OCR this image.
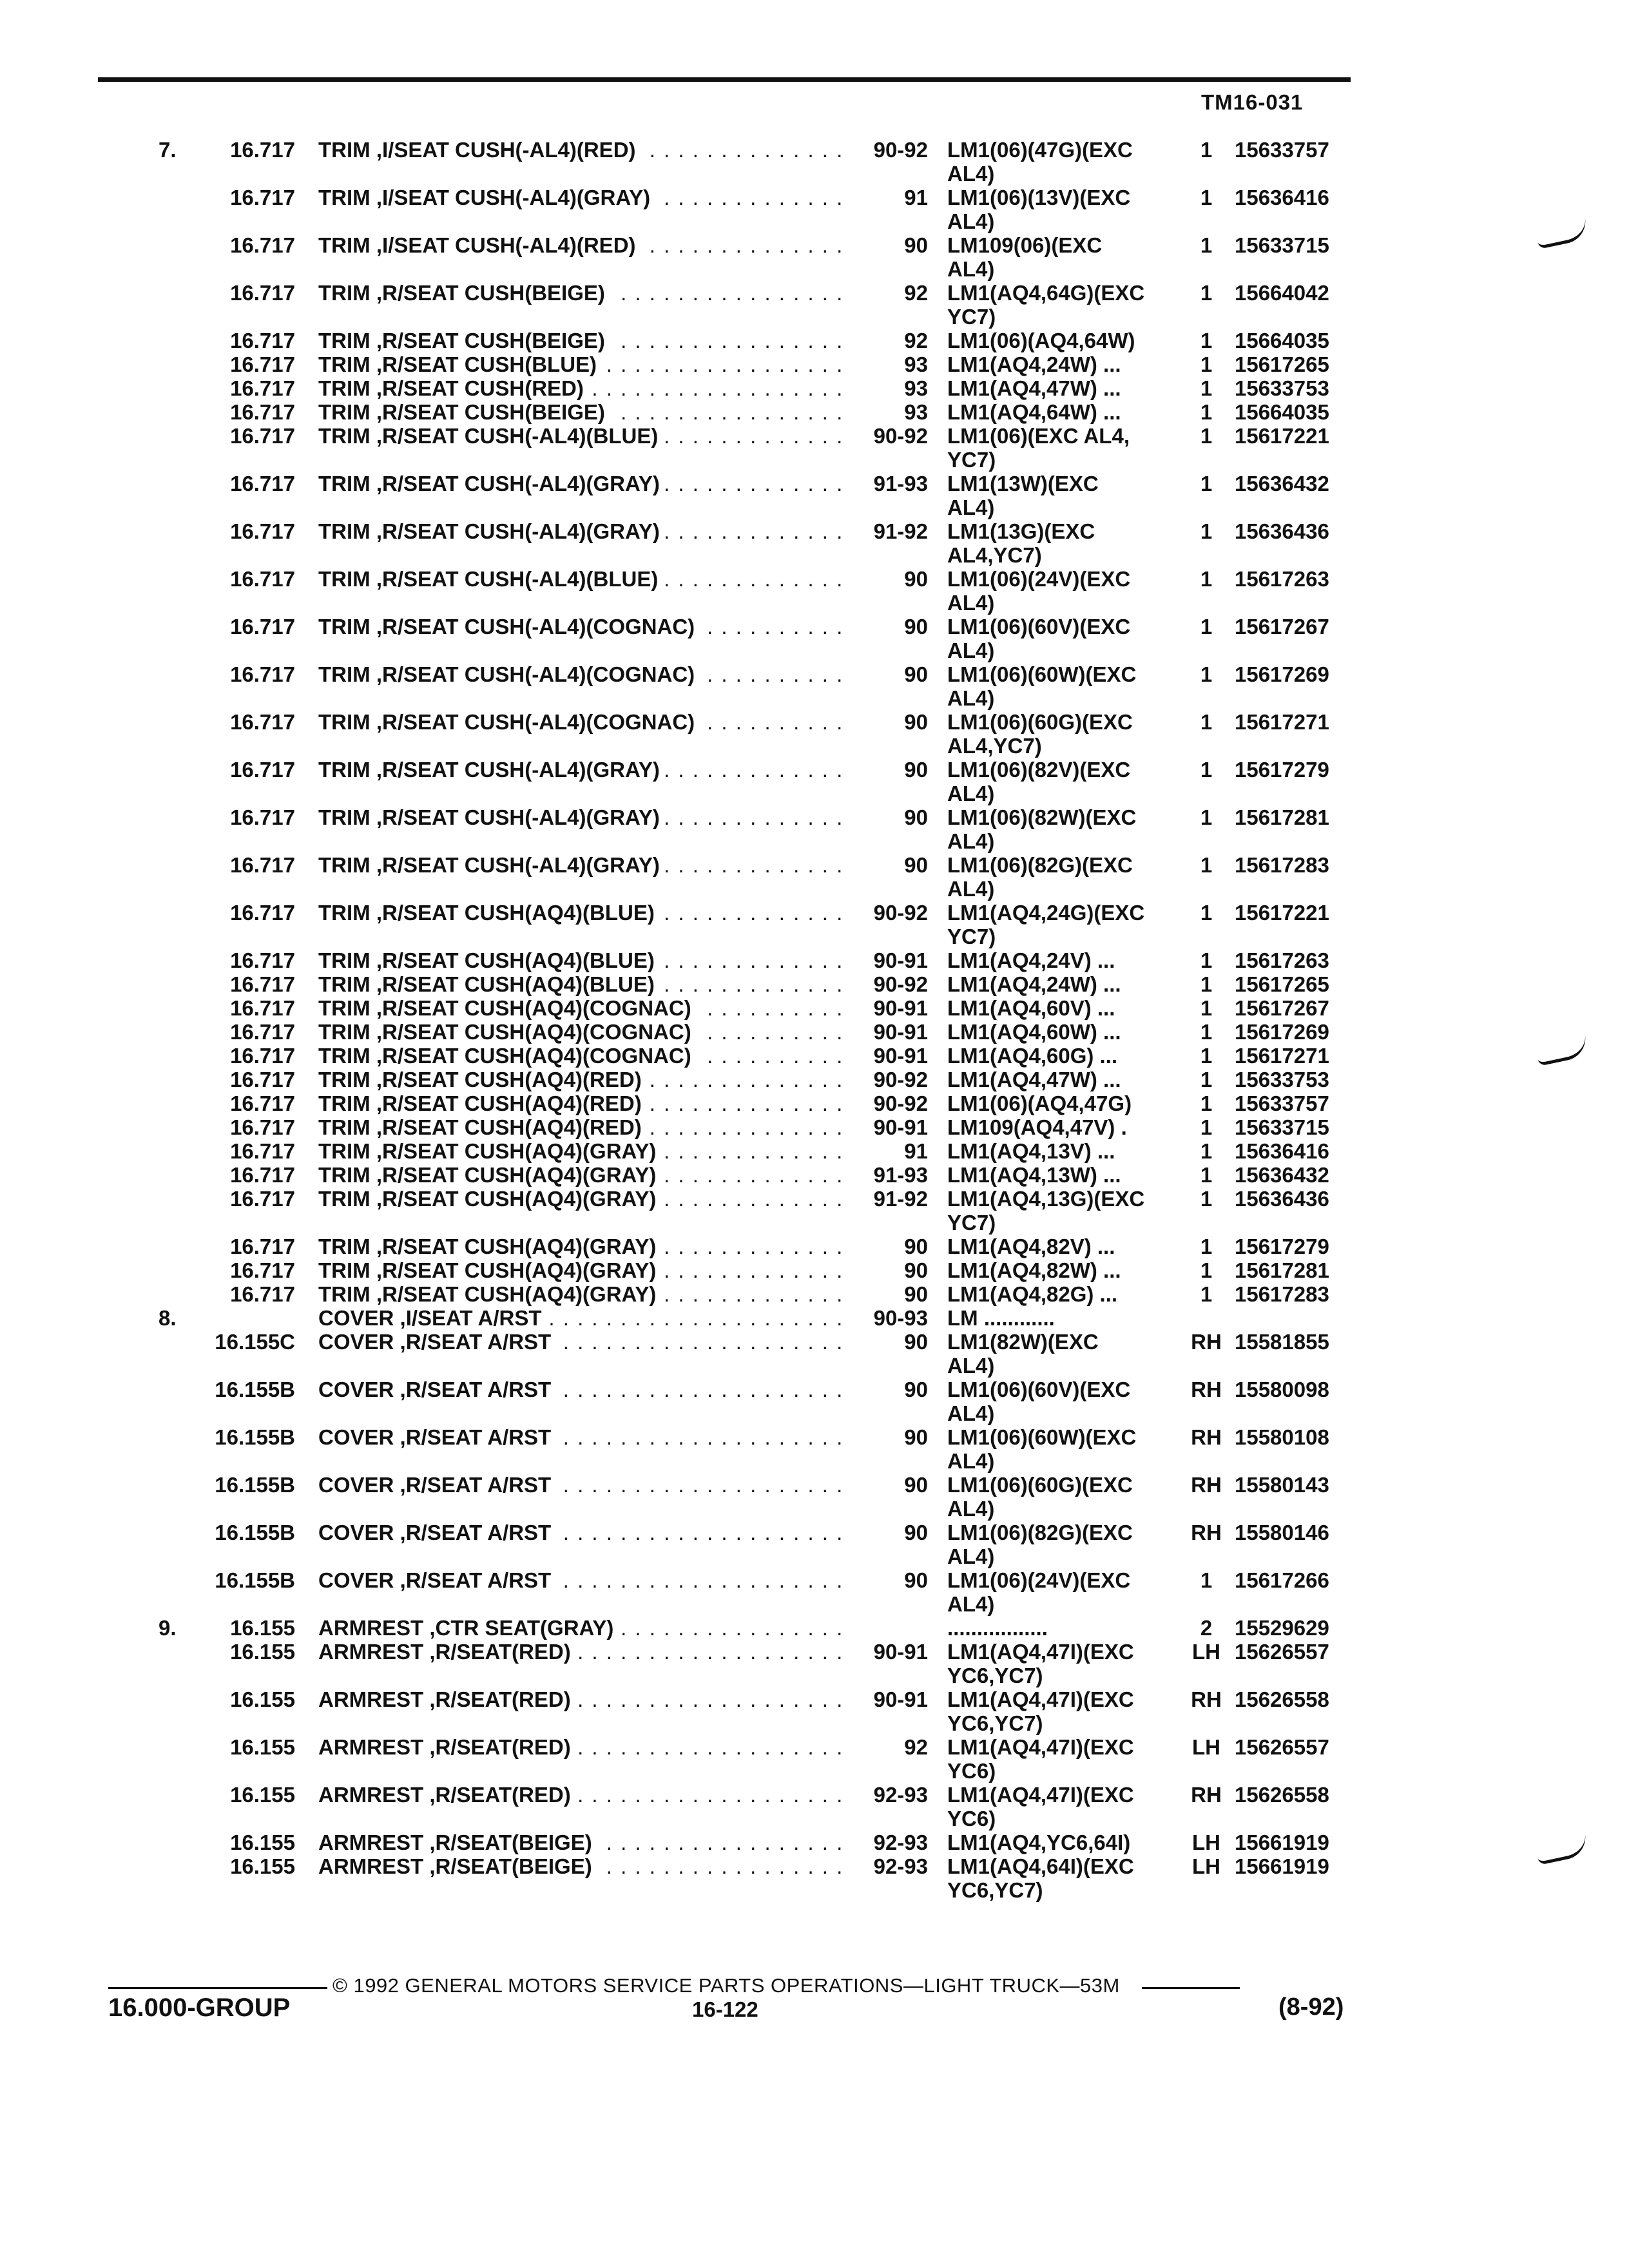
TM16-031
7.	16.717 TRIM ,I/SEAT CUSH(-AL4)(RED) . . .	90-92 LM1(06)(47G)(EXC
AL4)
1	15633757
16.717 TRIM ,I/SEAT CUSH(-AL4)(GRAY) . . .	91 LM1(06)(13V)(EXC
AL4)
1	15636416
16.717 TRIM ,I/SEAT CUSH(-AL4)(RED) . . .	90 LM109(06)(EXC
AL4)
1	15633715
16.717 TRIM ,R/SEAT CUSH(BEIGE) . . .	92 LM1(AQ4,64G)(EXC
YC7)
1	15664042
16.717 TRIM ,R/SEAT CUSH(BEIGE) . . .	92 LM1(06)(AQ4,64W)	1	15664035
16.717 TRIM ,R/SEAT CUSH(BLUE) . . .	93 LM1(AQ4,24W) ...	1	15617265
16.717 TRIM ,R/SEAT CUSH(RED) . . .	93 LM1(AQ4,47W) ...	1	15633753
16.717 TRIM ,R/SEAT CUSH(BEIGE) . . .	93 LM1(AQ4,64W) ...	1	15664035
16.717 TRIM ,R/SEAT CUSH(-AL4)(BLUE) . . .	90-92 LM1(06)(EXC AL4,
YC7)
1	15617221
16.717 TRIM ,R/SEAT CUSH(-AL4)(GRAY) . . .	91-93 LM1(13W)(EXC
AL4)
1	15636432
16.717 TRIM ,R/SEAT CUSH(-AL4)(GRAY) . . .	91-92 LM1(13G)(EXC
AL4,YC7)
1	15636436
16.717 TRIM ,R/SEAT CUSH(-AL4)(BLUE) . . .	90 LM1(06)(24V)(EXC
AL4)
1	15617263
16.717 TRIM ,R/SEAT CUSH(-AL4)(COGNAC) . . .	90 LM1(06)(60V)(EXC
AL4)
1	15617267
16.717 TRIM ,R/SEAT CUSH(-AL4)(COGNAC) . . .	90 LM1(06)(60W)(EXC
AL4)
1	15617269
16.717 TRIM ,R/SEAT CUSH(-AL4)(COGNAC) . . .	90 LM1(06)(60G)(EXC
AL4,YC7)
1	15617271
16.717 TRIM ,R/SEAT CUSH(-AL4)(GRAY) . . .	90 LM1(06)(82V)(EXC
AL4)
1	15617279
16.717 TRIM ,R/SEAT CUSH(-AL4)(GRAY) . . .	90 LM1(06)(82W)(EXC
AL4)
1	15617281
16.717 TRIM ,R/SEAT CUSH(-AL4)(GRAY) . . .	90 LM1(06)(82G)(EXC
AL4)
1	15617283
16.717 TRIM ,R/SEAT CUSH(AQ4)(BLUE) . . .	90-92 LM1(AQ4,24G)(EXC
YC7)
1	15617221
16.717 TRIM ,R/SEAT CUSH(AQ4)(BLUE) . . .	90-91 LM1(AQ4,24V) ...	1	15617263
16.717 TRIM ,R/SEAT CUSH(AQ4)(BLUE) . . .	90-92 LM1(AQ4,24W) ...	1	15617265
16.717 TRIM ,R/SEAT CUSH(AQ4)(COGNAC) . . .	90-91 LM1(AQ4,60V) ...	1	15617267
16.717 TRIM ,R/SEAT CUSH(AQ4)(COGNAC) . . .	90-91 LM1(AQ4,60W) ...	1	15617269
16.717 TRIM ,R/SEAT CUSH(AQ4)(COGNAC) . . .	90-91 LM1(AQ4,60G) ...	1	15617271
16.717 TRIM ,R/SEAT CUSH(AQ4)(RED) . . .	90-92 LM1(AQ4,47W) ...	1	15633753
16.717 TRIM ,R/SEAT CUSH(AQ4)(RED) . . .	90-92 LM1(06)(AQ4,47G)	1	15633757
16.717 TRIM ,R/SEAT CUSH(AQ4)(RED) . . .	90-91 LM109(AQ4,47V) .	1	15633715
16.717 TRIM ,R/SEAT CUSH(AQ4)(GRAY) . . .	91 LM1(AQ4,13V) ...	1	15636416
16.717 TRIM ,R/SEAT CUSH(AQ4)(GRAY) . . .	91-93 LM1(AQ4,13W) ...	1	15636432
16.717 TRIM ,R/SEAT CUSH(AQ4)(GRAY) . . .	91-92 LM1(AQ4,13G)(EXC
YC7)
1	15636436
16.717 TRIM ,R/SEAT CUSH(AQ4)(GRAY) . . .	90 LM1(AQ4,82V) ...	1	15617279
16.717 TRIM ,R/SEAT CUSH(AQ4)(GRAY) . . .	90 LM1(AQ4,82W) ...	1	15617281
16.717 TRIM ,R/SEAT CUSH(AQ4)(GRAY) . . .	90 LM1(AQ4,82G) ...	1	15617283
8.	COVER ,I/SEAT A/RST . . .	90-93 LM ............
16.155C COVER ,R/SEAT A/RST . . .	90 LM1(82W)(EXC
AL4)
RH 15581855
16.155B COVER ,R/SEAT A/RST . . .	90 LM1(06)(60V)(EXC
AL4)
RH 15580098
16.155B COVER ,R/SEAT A/RST . . .	90 LM1(06)(60W)(EXC
AL4)
RH 15580108
16.155B COVER ,R/SEAT A/RST . . .	90 LM1(06)(60G)(EXC
AL4)
RH 15580143
16.155B COVER ,R/SEAT A/RST . . .	90 LM1(06)(82G)(EXC
AL4)
RH 15580146
16.155B COVER ,R/SEAT A/RST . . .	90 LM1(06)(24V)(EXC
AL4)
1	15617266
9.	16.155 ARMREST ,CTR SEAT(GRAY) . . .	.................	2	15529629
16.155 ARMREST ,R/SEAT(RED) . . .	90-91 LM1(AQ4,47I)(EXC
YC6,YC7)
LH 15626557
16.155 ARMREST ,R/SEAT(RED) . . .	90-91 LM1(AQ4,47I)(EXC
YC6,YC7)
RH 15626558
16.155 ARMREST ,R/SEAT(RED) . . .	92 LM1(AQ4,47I)(EXC
YC6)
LH 15626557
16.155 ARMREST ,R/SEAT(RED) . . .	92-93 LM1(AQ4,47I)(EXC
YC6)
RH 15626558
16.155 ARMREST ,R/SEAT(BEIGE) . . .	92-93 LM1(AQ4,YC6,64I)	LH 15661919
16.155 ARMREST ,R/SEAT(BEIGE) . . .	92-93 LM1(AQ4,64I)(EXC
YC6,YC7)
LH 15661919
© 1992 GENERAL MOTORS SERVICE PARTS OPERATIONS—LIGHT TRUCK—53M
16.000-GROUP	16-122	(8-92)
